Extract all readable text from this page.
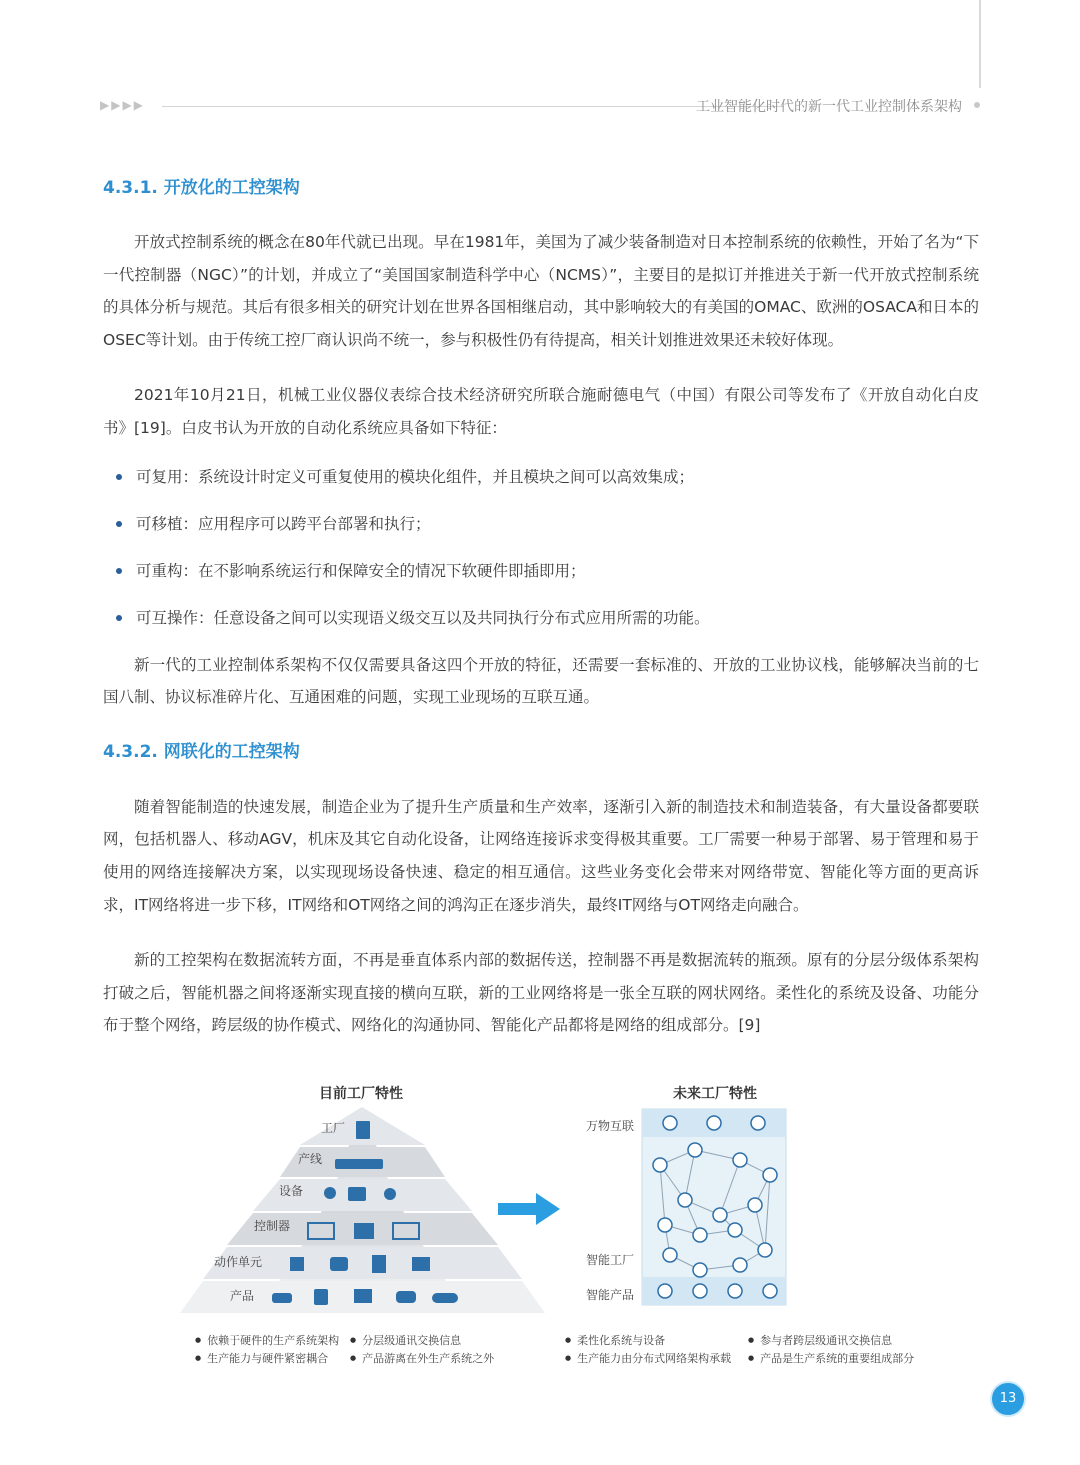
▶▶▶▶	工业智能化时代的新一代工业控制体系架构
4.3.1. 开放化的工控架构

开放式控制系统的概念在80年代就已出现。早在1981年，美国为了减少装备制造对日本控制系统的依赖性，开始了名为“下一代控制器（NGC）”的计划，并成立了“美国国家制造科学中心（NCMS）”，主要目的是拟订并推进关于新一代开放式控制系统的具体分析与规范。其后有很多相关的研究计划在世界各国相继启动，其中影响较大的有美国的OMAC、欧洲的OSACA和日本的OSEC等计划。由于传统工控厂商认识尚不统一，参与积极性仍有待提高，相关计划推进效果还未较好体现。

2021年10月21日，机械工业仪器仪表综合技术经济研究所联合施耐德电气（中国）有限公司等发布了《开放自动化白皮书》[19]。白皮书认为开放的自动化系统应具备如下特征：

可复用：系统设计时定义可重复使用的模块化组件，并且模块之间可以高效集成；
可移植：应用程序可以跨平台部署和执行；
可重构：在不影响系统运行和保障安全的情况下软硬件即插即用；
可互操作：任意设备之间可以实现语义级交互以及共同执行分布式应用所需的功能。

新一代的工业控制体系架构不仅仅需要具备这四个开放的特征，还需要一套标准的、开放的工业协议栈，能够解决当前的七国八制、协议标准碎片化、互通困难的问题，实现工业现场的互联互通。

4.3.2. 网联化的工控架构

随着智能制造的快速发展，制造企业为了提升生产质量和生产效率，逐渐引入新的制造技术和制造装备，有大量设备都要联网，包括机器人、移动AGV，机床及其它自动化设备，让网络连接诉求变得极其重要。工厂需要一种易于部署、易于管理和易于使用的网络连接解决方案，以实现现场设备快速、稳定的相互通信。这些业务变化会带来对网络带宽、智能化等方面的更高诉求，IT网络将进一步下移，IT网络和OT网络之间的鸿沟正在逐步消失，最终IT网络与OT网络走向融合。

新的工控架构在数据流转方面，不再是垂直体系内部的数据传送，控制器不再是数据流转的瓶颈。原有的分层分级体系架构打破之后，智能机器之间将逐渐实现直接的横向互联，新的工业网络将是一张全互联的网状网络。柔性化的系统及设备、功能分布于整个网络，跨层级的协作模式、网络化的沟通协同、智能化产品都将是网络的组成部分。[9]

目前工厂特性	未来工厂特性
工厂
产线
设备
控制器
动作单元
产品
万物互联
智能工厂
智能产品
● 依赖于硬件的生产系统架构	● 分层级通讯交换信息
● 生产能力与硬件紧密耦合	● 产品游离在外生产系统之外
● 柔性化系统与设备	● 参与者跨层级通讯交换信息
● 生产能力由分布式网络架构承载	● 产品是生产系统的重要组成部分
13
